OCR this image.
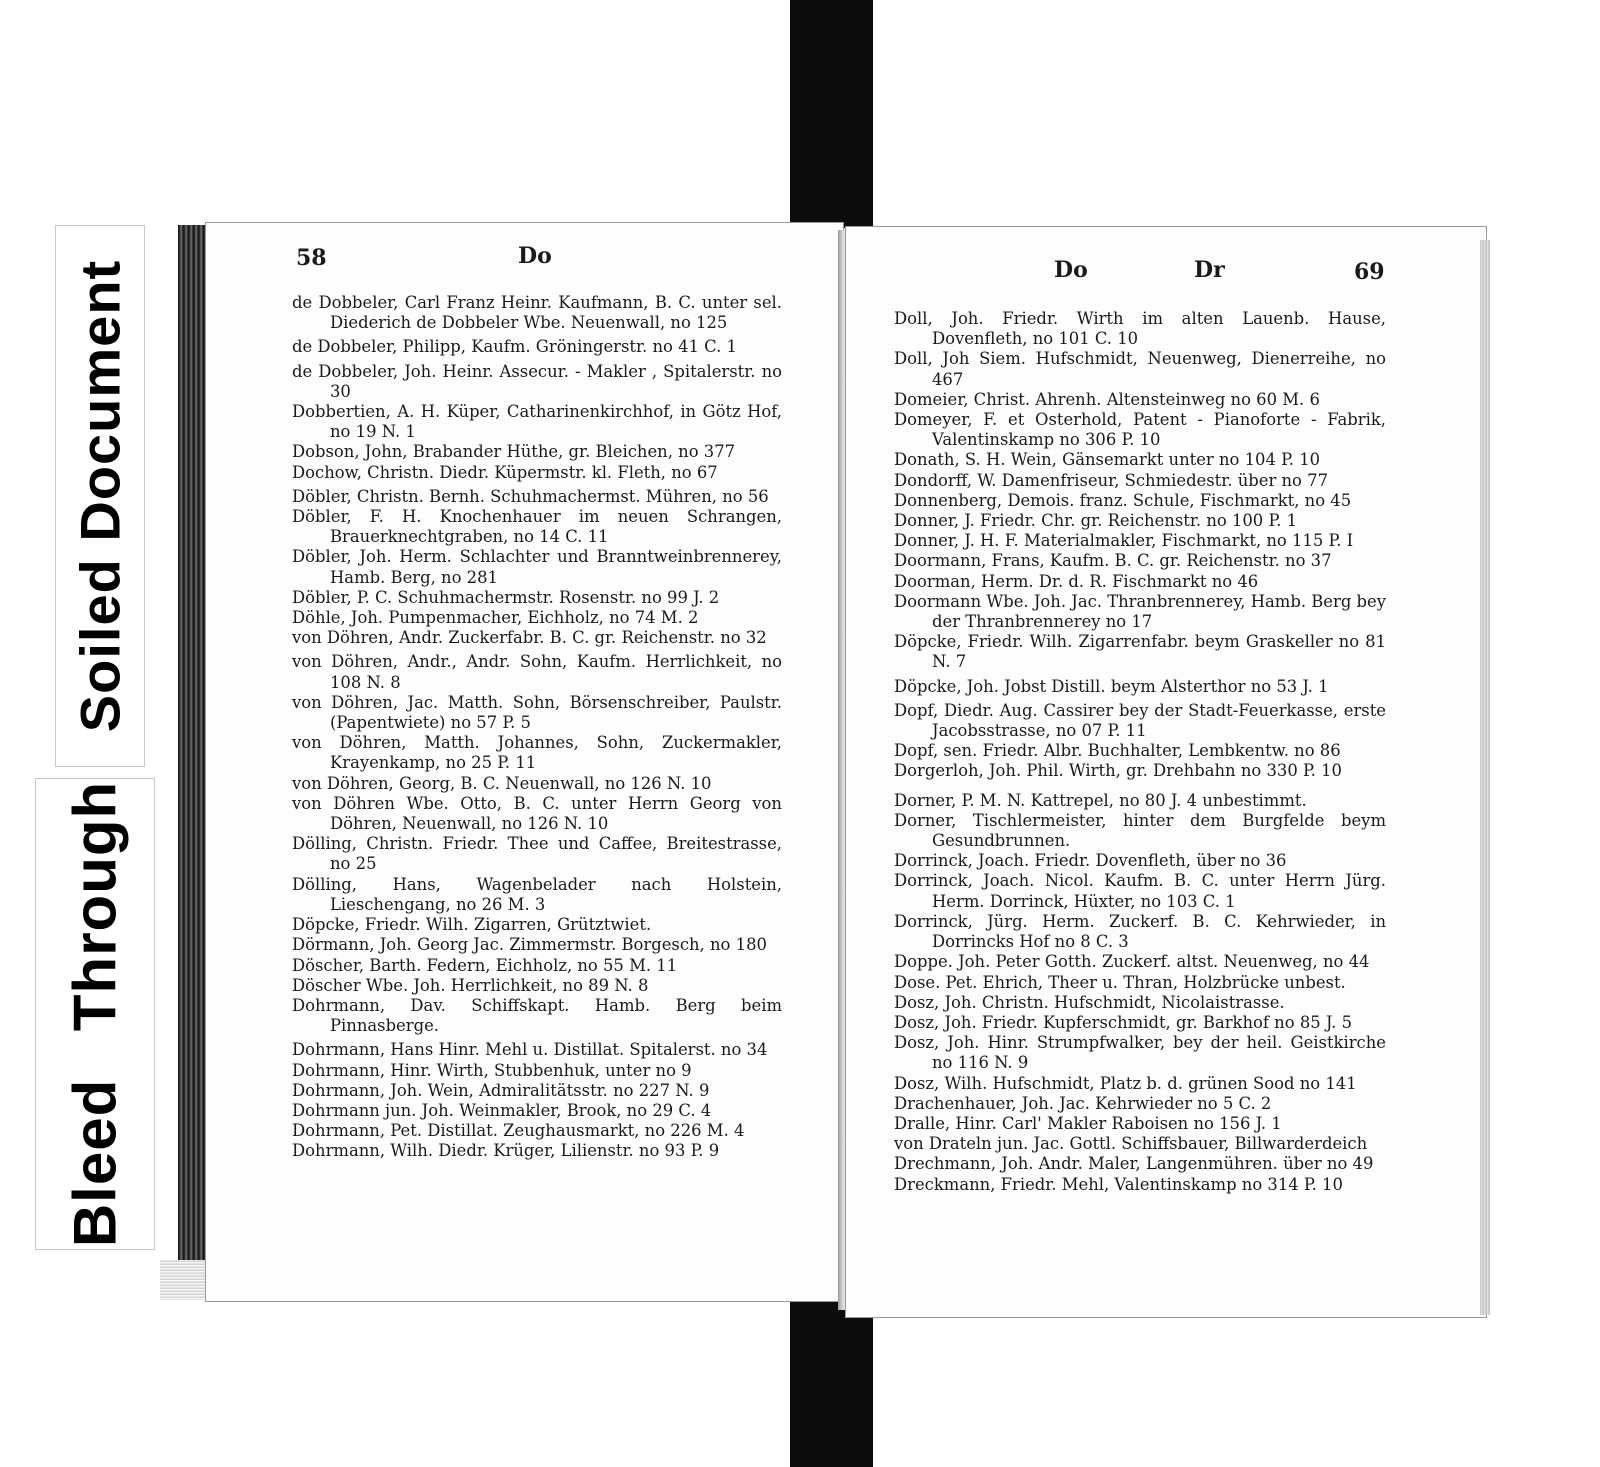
Soiled Document
Bleed Through
58	Do
de Dobbeler, Carl Franz Heinr. Kaufmann, B. C. unter sel. Diederich de Dobbeler Wbe. Neuenwall, no 125
de Dobbeler, Philipp, Kaufm. Gröningerstr. no 41 C. 1
de Dobbeler, Joh. Heinr. Assecur. - Makler , Spitalerstr. no 30
Dobbertien, A. H. Küper, Catharinenkirchhof, in Götz Hof, no 19 N. 1
Dobson, John, Brabander Hüthe, gr. Bleichen, no 377
Dochow, Christn. Diedr. Küpermstr. kl. Fleth, no 67
Döbler, Christn. Bernh. Schuhmachermst. Mühren, no 56
Döbler, F. H. Knochenhauer im neuen Schrangen, Brauerknechtgraben, no 14 C. 11
Döbler, Joh. Herm. Schlachter und Branntweinbrennerey, Hamb. Berg, no 281
Döbler, P. C. Schuhmachermstr. Rosenstr. no 99 J. 2
Döhle, Joh. Pumpenmacher, Eichholz, no 74 M. 2
von Döhren, Andr. Zuckerfabr. B. C. gr. Reichenstr. no 32
von Döhren, Andr., Andr. Sohn, Kaufm. Herrlichkeit, no 108 N. 8
von Döhren, Jac. Matth. Sohn, Börsenschreiber, Paulstr. (Papentwiete) no 57 P. 5
von Döhren, Matth. Johannes, Sohn, Zuckermakler, Krayenkamp, no 25 P. 11
von Döhren, Georg, B. C. Neuenwall, no 126 N. 10
von Döhren Wbe. Otto, B. C. unter Herrn Georg von Döhren, Neuenwall, no 126 N. 10
Dölling, Christn. Friedr. Thee und Caffee, Breitestrasse, no 25
Dölling, Hans, Wagenbelader nach Holstein, Lieschengang, no 26 M. 3
Döpcke, Friedr. Wilh. Zigarren, Grütztwiet.
Dörmann, Joh. Georg Jac. Zimmermstr. Borgesch, no 180
Döscher, Barth. Federn, Eichholz, no 55 M. 11
Döscher Wbe. Joh. Herrlichkeit, no 89 N. 8
Dohrmann, Dav. Schiffskapt. Hamb. Berg beim Pinnasberge.
Dohrmann, Hans Hinr. Mehl u. Distillat. Spitalerst. no 34
Dohrmann, Hinr. Wirth, Stubbenhuk, unter no 9
Dohrmann, Joh. Wein, Admiralitätsstr. no 227 N. 9
Dohrmann jun. Joh. Weinmakler, Brook, no 29 C. 4
Dohrmann, Pet. Distillat. Zeughausmarkt, no 226 M. 4
Dohrmann, Wilh. Diedr. Krüger, Lilienstr. no 93 P. 9
Do	Dr	69
Doll, Joh. Friedr. Wirth im alten Lauenb. Hause, Dovenfleth, no 101 C. 10
Doll, Joh Siem. Hufschmidt, Neuenweg, Dienerreihe, no 467
Domeier, Christ. Ahrenh. Altensteinweg no 60 M. 6
Domeyer, F. et Osterhold, Patent - Pianoforte - Fabrik, Valentinskamp no 306 P. 10
Donath, S. H. Wein, Gänsemarkt unter no 104 P. 10
Dondorff, W. Damenfriseur, Schmiedestr. über no 77
Donnenberg, Demois. franz. Schule, Fischmarkt, no 45
Donner, J. Friedr. Chr. gr. Reichenstr. no 100 P. 1
Donner, J. H. F. Materialmakler, Fischmarkt, no 115 P. I
Doormann, Frans, Kaufm. B. C. gr. Reichenstr. no 37
Doorman, Herm. Dr. d. R. Fischmarkt no 46
Doormann Wbe. Joh. Jac. Thranbrennerey, Hamb. Berg bey der Thranbrennerey no 17
Döpcke, Friedr. Wilh. Zigarrenfabr. beym Graskeller no 81 N. 7
Döpcke, Joh. Jobst Distill. beym Alsterthor no 53 J. 1
Dopf, Diedr. Aug. Cassirer bey der Stadt-Feuerkasse, erste Jacobsstrasse, no 07 P. 11
Dopf, sen. Friedr. Albr. Buchhalter, Lembkentw. no 86
Dorgerloh, Joh. Phil. Wirth, gr. Drehbahn no 330 P. 10
Dorner, P. M. N. Kattrepel, no 80 J. 4 unbestimmt.
Dorner, Tischlermeister, hinter dem Burgfelde beym Gesundbrunnen.
Dorrinck, Joach. Friedr. Dovenfleth, über no 36
Dorrinck, Joach. Nicol. Kaufm. B. C. unter Herrn Jürg. Herm. Dorrinck, Hüxter, no 103 C. 1
Dorrinck, Jürg. Herm. Zuckerf. B. C. Kehrwieder, in Dorrincks Hof no 8 C. 3
Doppe. Joh. Peter Gotth. Zuckerf. altst. Neuenweg, no 44
Dose. Pet. Ehrich, Theer u. Thran, Holzbrücke unbest.
Dosz, Joh. Christn. Hufschmidt, Nicolaistrasse.
Dosz, Joh. Friedr. Kupferschmidt, gr. Barkhof no 85 J. 5
Dosz, Joh. Hinr. Strumpfwalker, bey der heil. Geistkirche no 116 N. 9
Dosz, Wilh. Hufschmidt, Platz b. d. grünen Sood no 141
Drachenhauer, Joh. Jac. Kehrwieder no 5 C. 2
Dralle, Hinr. Carl' Makler Raboisen no 156 J. 1
von Drateln jun. Jac. Gottl. Schiffsbauer, Billwarderdeich
Drechmann, Joh. Andr. Maler, Langenmühren. über no 49
Dreckmann, Friedr. Mehl, Valentinskamp no 314 P. 10
